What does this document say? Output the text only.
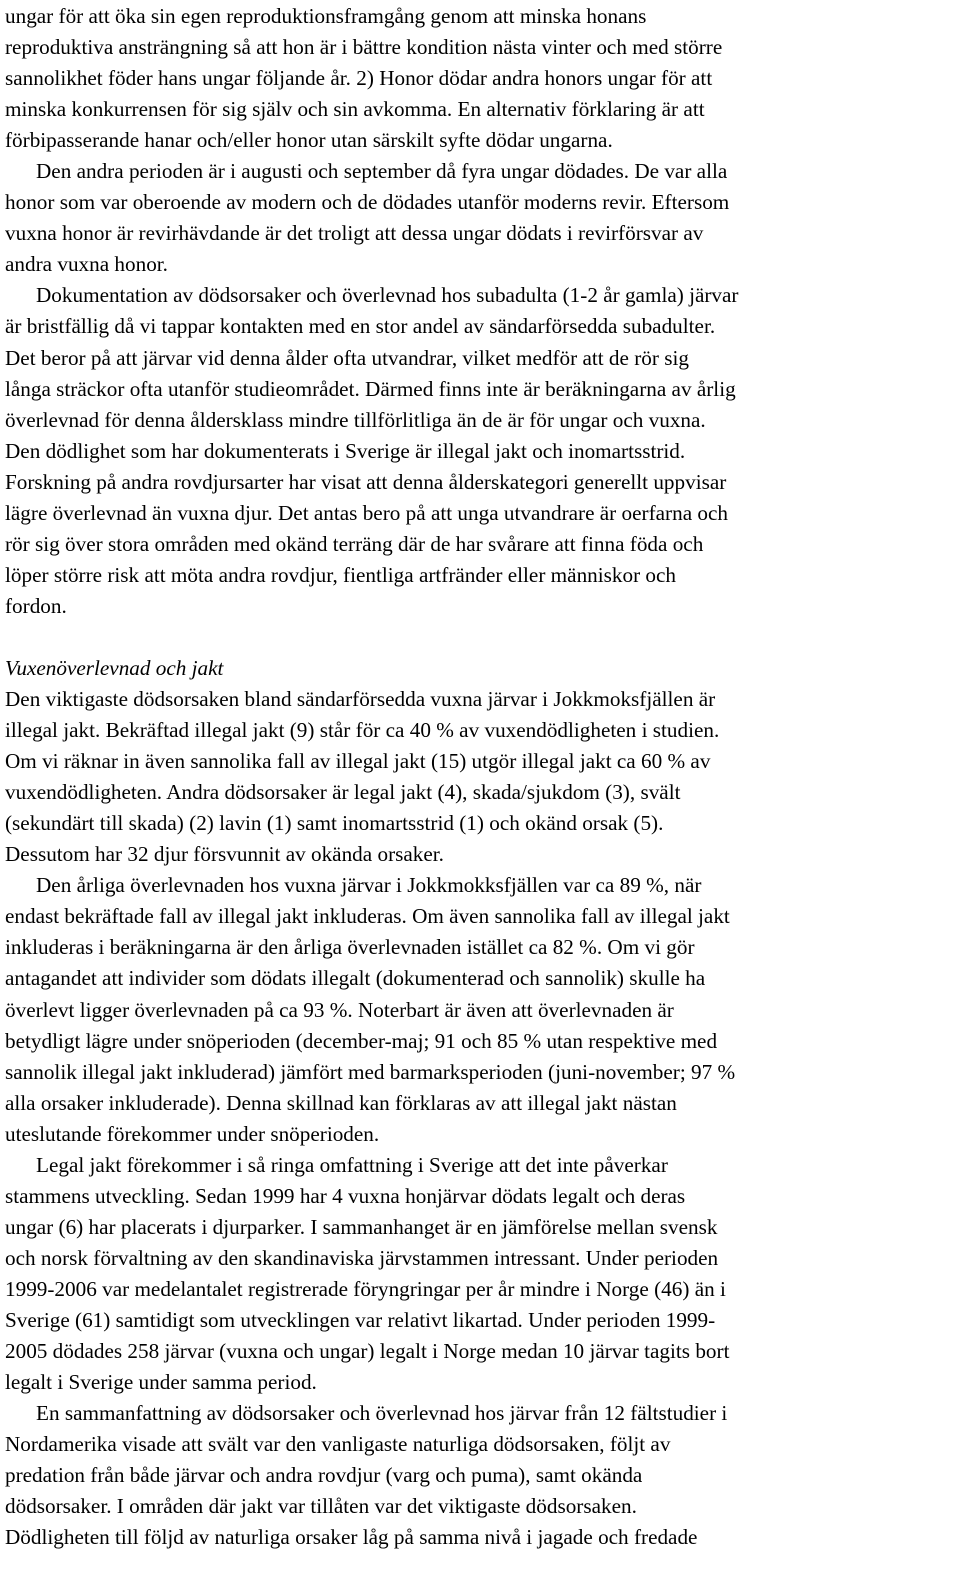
ungar för att öka sin egen reproduktionsframgång genom att minska honans
reproduktiva ansträngning så att hon är i bättre kondition nästa vinter och med större
sannolikhet föder hans ungar följande år. 2) Honor dödar andra honors ungar för att
minska konkurrensen för sig själv och sin avkomma. En alternativ förklaring är att
förbipasserande hanar och/eller honor utan särskilt syfte dödar ungarna.
Den andra perioden är i augusti och september då fyra ungar dödades. De var alla
honor som var oberoende av modern och de dödades utanför moderns revir. Eftersom
vuxna honor är revirhävdande är det troligt att dessa ungar dödats i revirförsvar av
andra vuxna honor.
Dokumentation av dödsorsaker och överlevnad hos subadulta (1-2 år gamla) järvar
är bristfällig då vi tappar kontakten med en stor andel av sändarförsedda subadulter.
Det beror på att järvar vid denna ålder ofta utvandrar, vilket medför att de rör sig
långa sträckor ofta utanför studieområdet. Därmed finns inte är beräkningarna av årlig
överlevnad för denna åldersklass mindre tillförlitliga än de är för ungar och vuxna.
Den dödlighet som har dokumenterats i Sverige är illegal jakt och inomartsstrid.
Forskning på andra rovdjursarter har visat att denna ålderskategori generellt uppvisar
lägre överlevnad än vuxna djur. Det antas bero på att unga utvandrare är oerfarna och
rör sig över stora områden med okänd terräng där de har svårare att finna föda och
löper större risk att möta andra rovdjur, fientliga artfränder eller människor och
fordon.
Vuxenöverlevnad och jakt
Den viktigaste dödsorsaken bland sändarförsedda vuxna järvar i Jokkmoksfjällen är
illegal jakt. Bekräftad illegal jakt (9) står för ca 40 % av vuxendödligheten i studien.
Om vi räknar in även sannolika fall av illegal jakt (15) utgör illegal jakt ca 60 % av
vuxendödligheten. Andra dödsorsaker är legal jakt (4), skada/sjukdom (3), svält
(sekundärt till skada) (2) lavin (1) samt inomartsstrid (1) och okänd orsak (5).
Dessutom har 32 djur försvunnit av okända orsaker.
Den årliga överlevnaden hos vuxna järvar i Jokkmokksfjällen var ca 89 %, när
endast bekräftade fall av illegal jakt inkluderas. Om även sannolika fall av illegal jakt
inkluderas i beräkningarna är den årliga överlevnaden istället ca 82 %. Om vi gör
antagandet att individer som dödats illegalt (dokumenterad och sannolik) skulle ha
överlevt ligger överlevnaden på ca 93 %. Noterbart är även att överlevnaden är
betydligt lägre under snöperioden (december-maj; 91 och 85 % utan respektive med
sannolik illegal jakt inkluderad) jämfört med barmarksperioden (juni-november; 97 %
alla orsaker inkluderade). Denna skillnad kan förklaras av att illegal jakt nästan
uteslutande förekommer under snöperioden.
Legal jakt förekommer i så ringa omfattning i Sverige att det inte påverkar
stammens utveckling. Sedan 1999 har 4 vuxna honjärvar dödats legalt och deras
ungar (6) har placerats i djurparker. I sammanhanget är en jämförelse mellan svensk
och norsk förvaltning av den skandinaviska järvstammen intressant. Under perioden
1999-2006 var medelantalet registrerade föryngringar per år mindre i Norge (46) än i
Sverige (61) samtidigt som utvecklingen var relativt likartad. Under perioden 1999-
2005 dödades 258 järvar (vuxna och ungar) legalt i Norge medan 10 järvar tagits bort
legalt i Sverige under samma period.
En sammanfattning av dödsorsaker och överlevnad hos järvar från 12 fältstudier i
Nordamerika visade att svält var den vanligaste naturliga dödsorsaken, följt av
predation från både järvar och andra rovdjur (varg och puma), samt okända
dödsorsaker. I områden där jakt var tillåten var det viktigaste dödsorsaken.
Dödligheten till följd av naturliga orsaker låg på samma nivå i jagade och fredade
